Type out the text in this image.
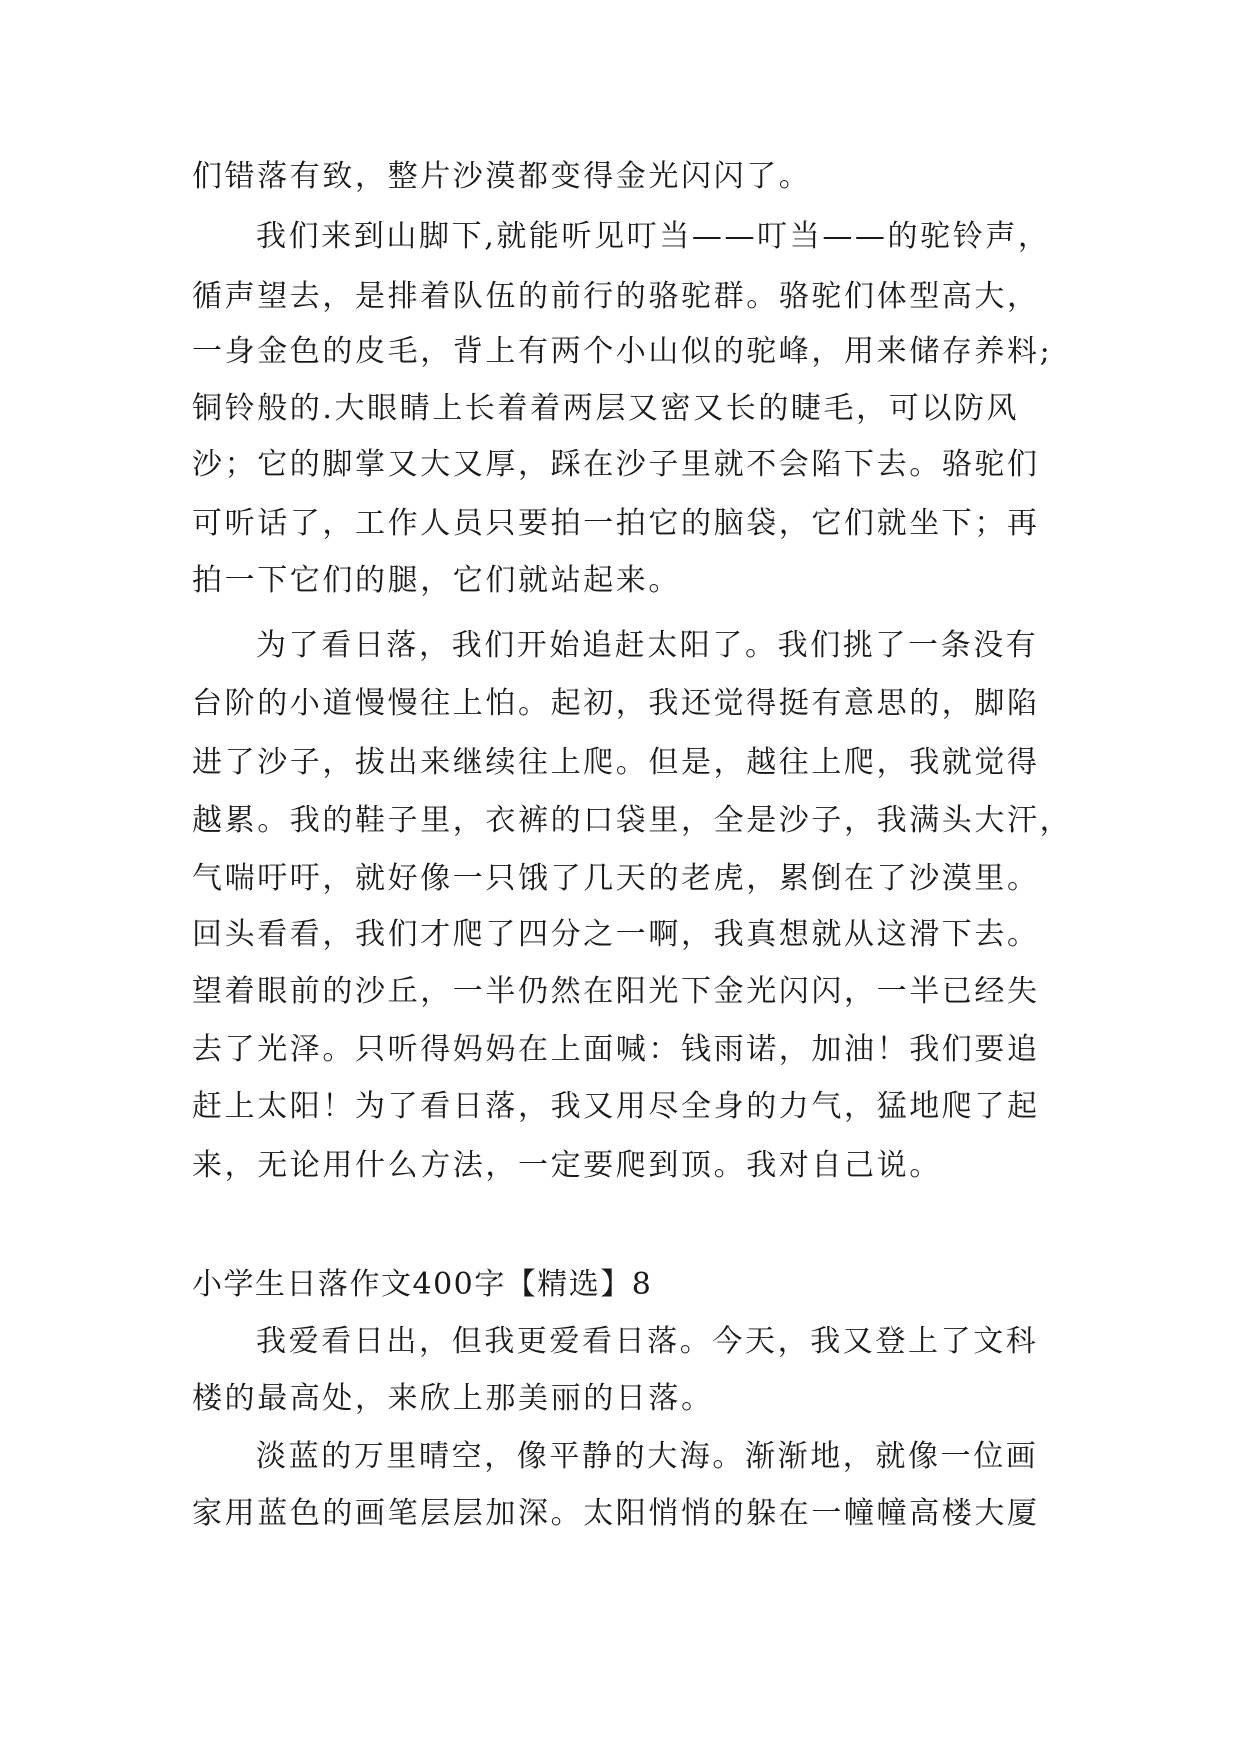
们错落有致，整片沙漠都变得金光闪闪了。
我们来到山脚下,就能听见叮当——叮当——的驼铃声，
循声望去，是排着队伍的前行的骆驼群。骆驼们体型高大，
一身金色的皮毛，背上有两个小山似的驼峰，用来储存养料;
铜铃般的.大眼睛上长着着两层又密又长的睫毛，可以防风
沙；它的脚掌又大又厚，踩在沙子里就不会陷下去。骆驼们
可听话了，工作人员只要拍一拍它的脑袋，它们就坐下；再
拍一下它们的腿，它们就站起来。
为了看日落，我们开始追赶太阳了。我们挑了一条没有
台阶的小道慢慢往上怕。起初，我还觉得挺有意思的，脚陷
进了沙子，拔出来继续往上爬。但是，越往上爬，我就觉得
越累。我的鞋子里，衣裤的口袋里，全是沙子，我满头大汗，
气喘吁吁，就好像一只饿了几天的老虎，累倒在了沙漠里。
回头看看，我们才爬了四分之一啊，我真想就从这滑下去。
望着眼前的沙丘，一半仍然在阳光下金光闪闪，一半已经失
去了光泽。只听得妈妈在上面喊：钱雨诺，加油！我们要追
赶上太阳！为了看日落，我又用尽全身的力气，猛地爬了起
来，无论用什么方法，一定要爬到顶。我对自己说。
小学生日落作文400字【精选】8
我爱看日出，但我更爱看日落。今天，我又登上了文科
楼的最高处，来欣上那美丽的日落。
淡蓝的万里晴空，像平静的大海。渐渐地，就像一位画
家用蓝色的画笔层层加深。太阳悄悄的躲在一幢幢高楼大厦
